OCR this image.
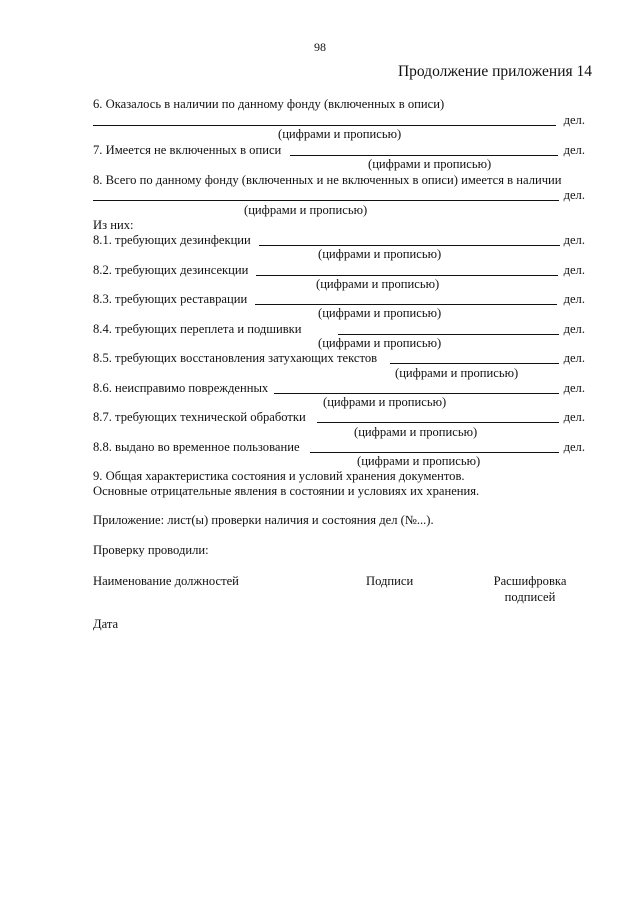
98
Продолжение приложения 14
6. Оказалось в наличии по данному фонду (включенных в описи)
дел.
(цифрами и прописью)
7. Имеется не включенных в описи	дел.
(цифрами и прописью)
8. Всего по данному фонду (включенных и не включенных в описи) имеется в наличии
дел.
(цифрами и прописью)
Из них:
8.1. требующих дезинфекции	дел.
(цифрами и прописью)
8.2. требующих дезинсекции	дел.
(цифрами и прописью)
8.3. требующих реставрации	дел.
(цифрами и прописью)
8.4. требующих переплета и подшивки	дел.
(цифрами и прописью)
8.5. требующих восстановления затухающих текстов	дел.
(цифрами и прописью)
8.6. неисправимо поврежденных	дел.
(цифрами и прописью)
8.7. требующих технической обработки	дел.
(цифрами и прописью)
8.8. выдано во временное пользование	дел.
(цифрами и прописью)
9. Общая характеристика состояния и условий хранения документов.
Основные отрицательные явления в состоянии и условиях их хранения.
Приложение: лист(ы) проверки наличия и состояния дел (№...).
Проверку проводили:
Наименование должностей	Подписи	Расшифровка
подписей
Дата
